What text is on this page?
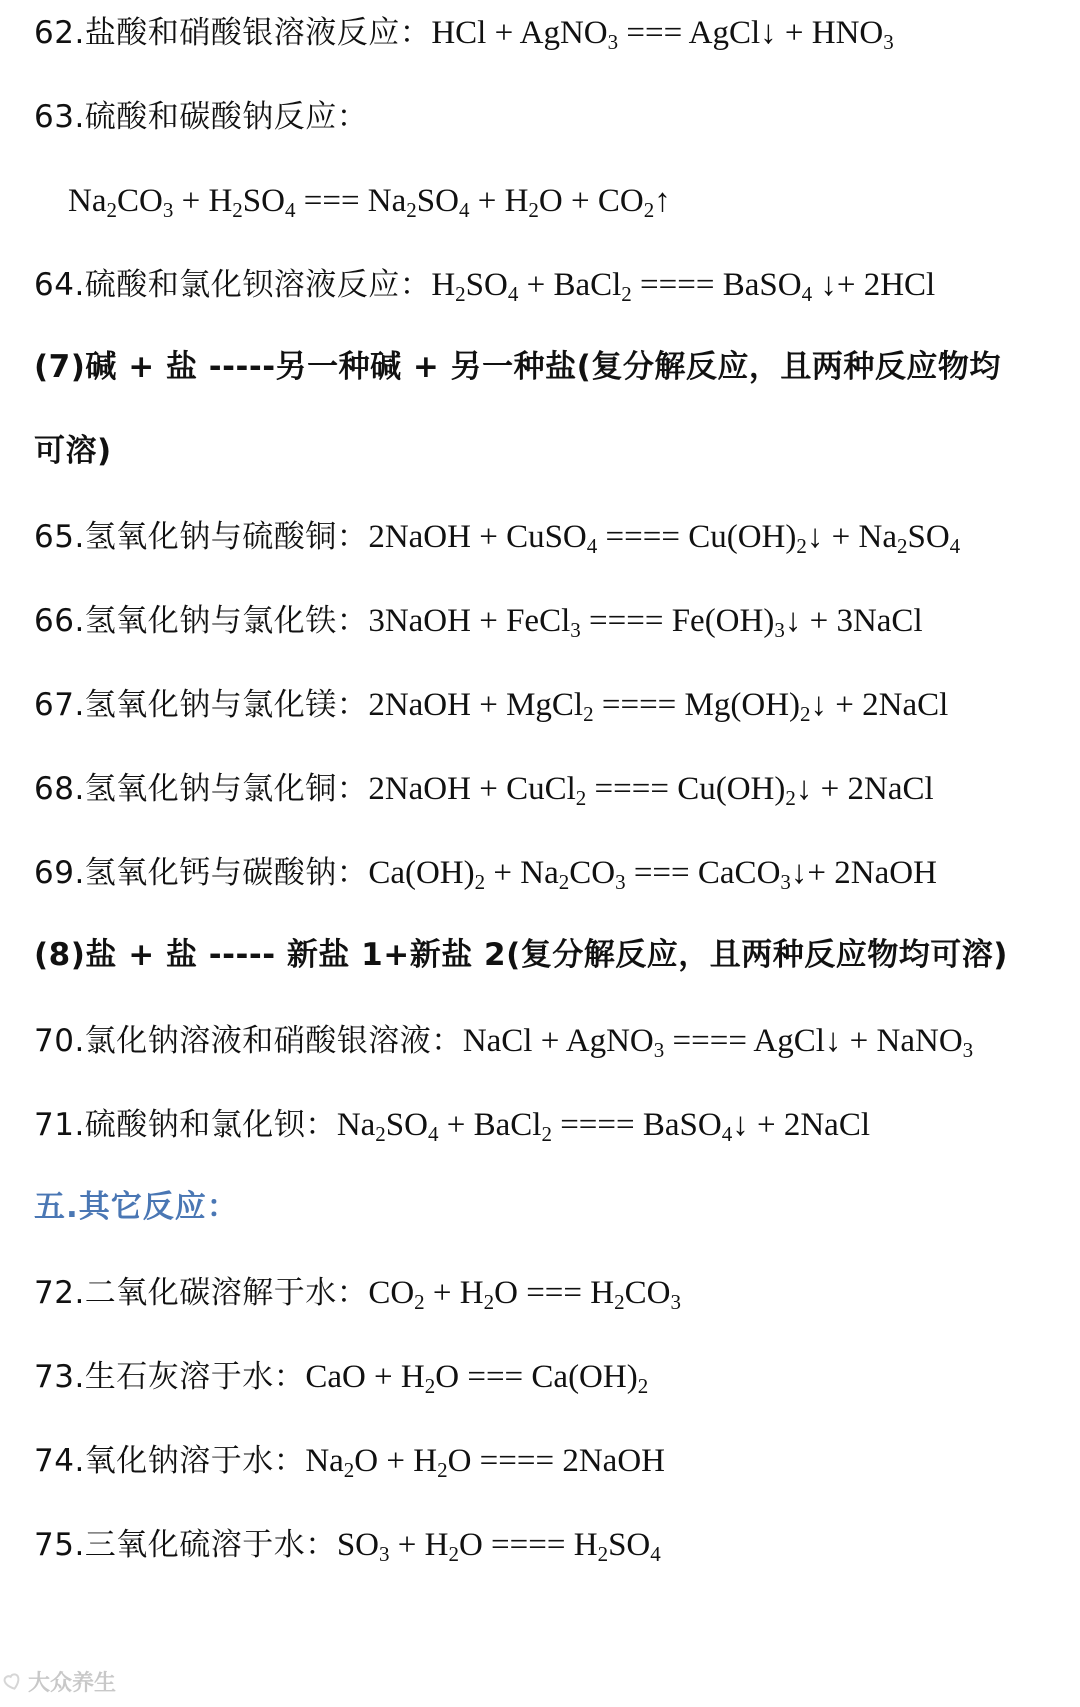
62.盐酸和硝酸银溶液反应：HCl + AgNO$_3$ === AgCl↓ + $HNO_3$
63.硫酸和碳酸钠反应：
$Na_2CO_3 + H_2SO_4$ === $Na_2SO_4 + H_2O$ + $CO_2↑$
64.硫酸和氯化钡溶液反应：$H_2SO_4$ + BaCl$_2$ ==== BaSO$_4$ ↓+ 2HCl
(7)碱 + 盐 -----另一种碱 + 另一种盐(复分解反应，且两种反应物均
可溶)
65.氢氧化钠与硫酸铜：2NaOH + CuSO$_4$ ==== $Cu(OH)_2↓ + Na_2SO_4$
66.氢氧化钠与氯化铁：3NaOH + FeCl$_3$ ==== $Fe(OH)_3↓$ + 3NaCl
67.氢氧化钠与氯化镁：2NaOH + MgCl$_2$ ==== $Mg(OH)_2↓$ + 2NaCl
68.氢氧化钠与氯化铜：2NaOH + CuCl$_2$ ==== $Cu(OH)_2↓$ + 2NaCl
69.氢氧化钙与碳酸钠：$Ca(OH)_2 + Na_2CO_3$ === CaCO$_3$↓+ 2NaOH
(8)盐 + 盐 ----- 新盐 1+新盐 2(复分解反应，且两种反应物均可溶)
70.氯化钠溶液和硝酸银溶液：NaCl + AgNO$_3$ ==== AgCl↓ + NaNO$_3$
71.硫酸钠和氯化钡：$Na_2SO_4$ + BaCl$_2$ ==== BaSO$_4$↓ + 2NaCl
五.其它反应：
72.二氧化碳溶解于水：$CO_2 + H_2O$ === $H_2CO_3$
73.生石灰溶于水：CaO + $H_2O$ === $Ca(OH)_2$
74.氧化钠溶于水：$Na_2O + H_2O$ ==== 2NaOH
75.三氧化硫溶于水：$SO_3 + H_2O$ ==== $H_2SO_4$
大众养生
